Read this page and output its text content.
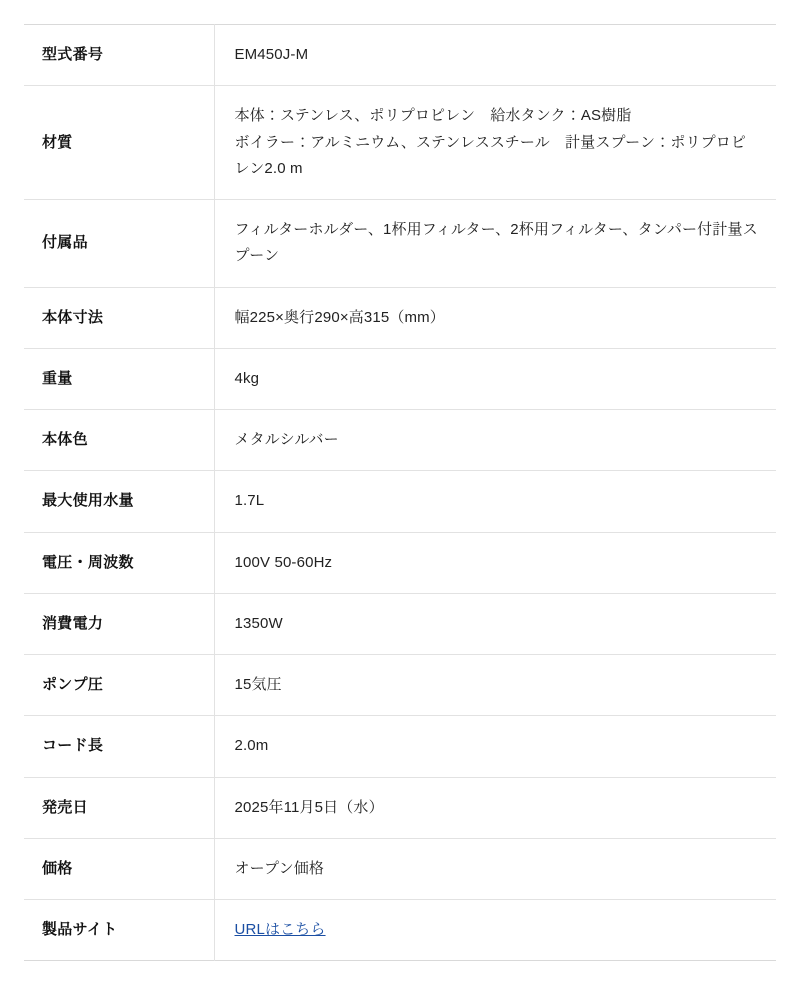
型式番号	EM450J-M

材質	本体：ステンレス、ポリプロピレン　給水タンク：AS樹脂
ボイラー：アルミニウム、ステンレススチール　計量スプーン：ポリプロピレン2.0 m

付属品	フィルターホルダー、1杯用フィルター、2杯用フィルター、タンパー付計量スプーン

本体寸法	幅225×奥行290×高315（mm）

重量	4kg

本体色	メタルシルバー

最大使用水量	1.7L

電圧・周波数	100V 50-60Hz

消費電力	1350W

ポンプ圧	15気圧

コード長	2.0m

発売日	2025年11月5日（水）

価格	オープン価格

製品サイト	URLはこちら
